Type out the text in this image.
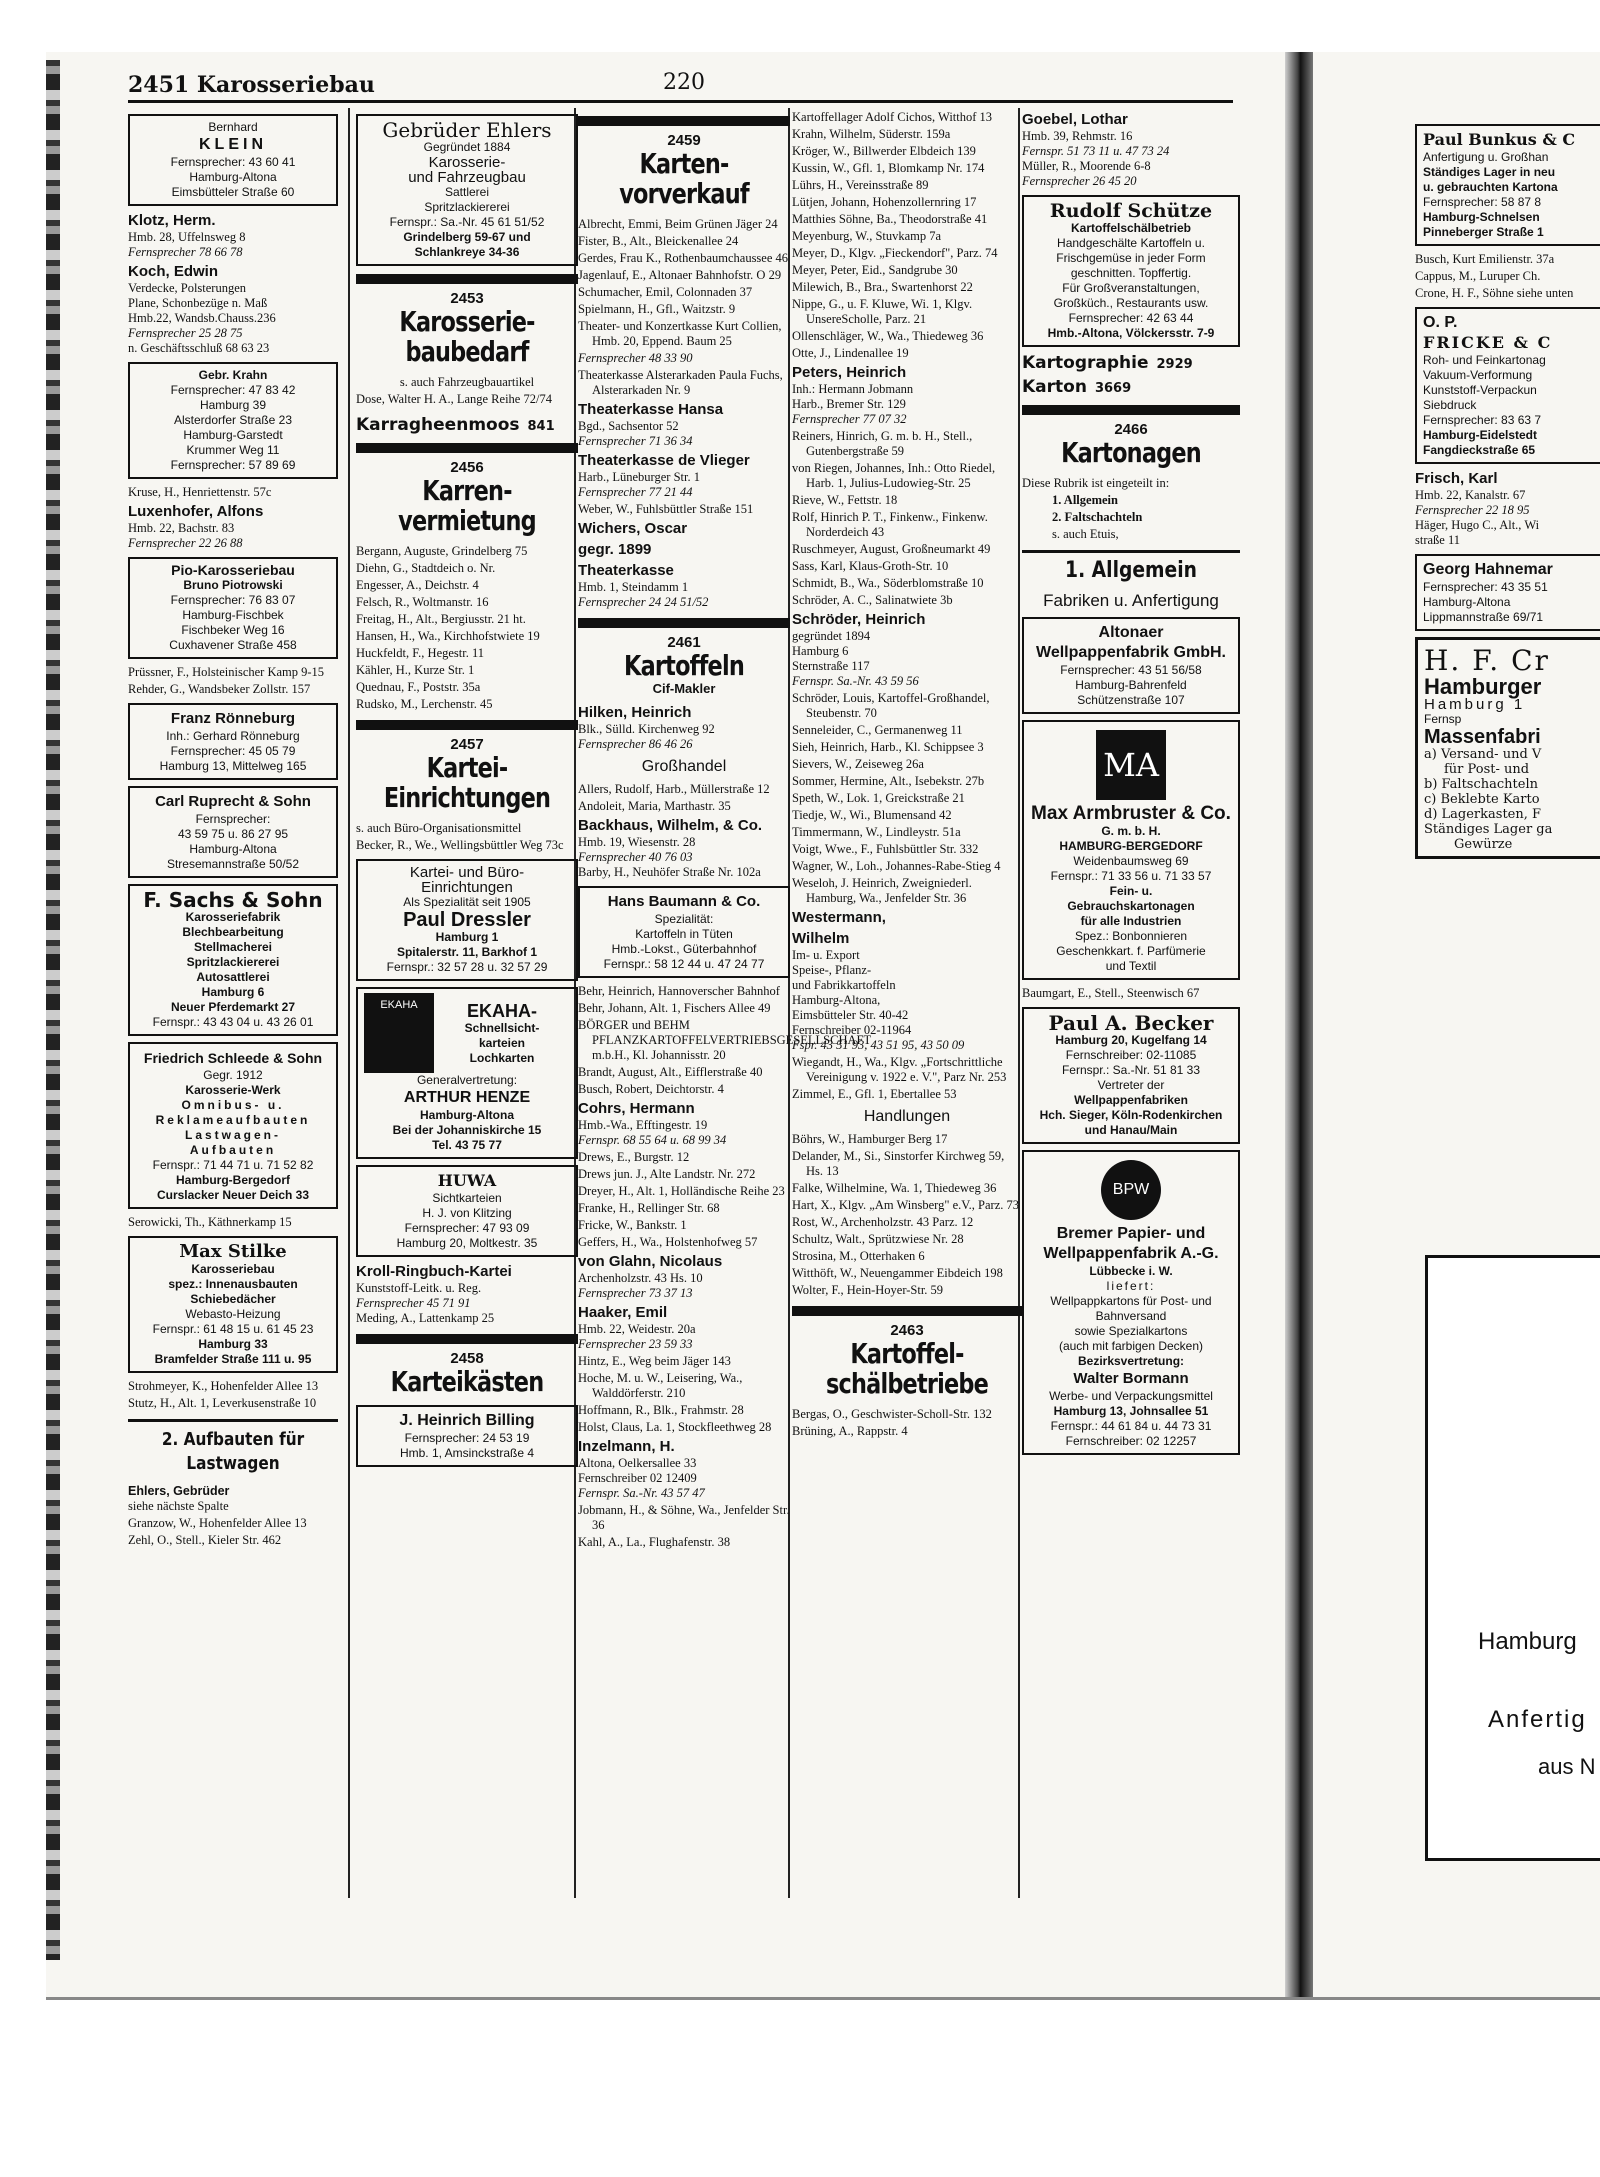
2451 Karosseriebau	220
Bernhard
KLEIN
Fernsprecher: 43 60 41
Hamburg-Altona
Eimsbütteler Straße 60
Klotz, Herm.
Hmb. 28, Uffelnsweg 8
Fernsprecher 78 66 78
Koch, Edwin
Verdecke, Polsterungen
Plane, Schonbezüge n. Maß
Hmb.22, Wandsb.Chauss.236
Fernsprecher 25 28 75
n. Geschäftsschluß 68 63 23
Gebr. Krahn
Fernsprecher: 47 83 42
Hamburg 39
Alsterdorfer Straße 23
Hamburg-Garstedt
Krummer Weg 11
Fernsprecher: 57 89 69
Kruse, H., Henriettenstr. 57c
Luxenhofer, Alfons
Hmb. 22, Bachstr. 83
Fernsprecher 22 26 88
Pio-Karosseriebau
Bruno Piotrowski
Fernsprecher: 76 83 07
Hamburg-Fischbek
Fischbeker Weg 16
Cuxhavener Straße 458
Prüssner, F., Holsteinischer Kamp 9-15
Rehder, G., Wandsbeker Zollstr. 157
Franz Rönneburg
Inh.: Gerhard Rönneburg
Fernsprecher: 45 05 79
Hamburg 13, Mittelweg 165
Carl Ruprecht & Sohn
Fernsprecher:
43 59 75 u. 86 27 95
Hamburg-Altona
Stresemannstraße 50/52
F. Sachs & Sohn
Karosseriefabrik
Blechbearbeitung
Stellmacherei
Spritzlackiererei
Autosattlerei
Hamburg 6
Neuer Pferdemarkt 27
Fernspr.: 43 43 04 u. 43 26 01
Friedrich Schleede & Sohn
Gegr. 1912
Karosserie-Werk
Omnibus- u.
Reklameaufbauten
Lastwagen-
Aufbauten
Fernspr.: 71 44 71 u. 71 52 82
Hamburg-Bergedorf
Curslacker Neuer Deich 33
Serowicki, Th., Käthnerkamp 15
Max Stilke
Karosseriebau
spez.: Innenausbauten
Schiebedächer
Webasto-Heizung
Fernspr.: 61 48 15 u. 61 45 23
Hamburg 33
Bramfelder Straße 111 u. 95
Strohmeyer, K., Hohenfelder Allee 13
Stutz, H., Alt. 1, Leverkusenstraße 10
2. Aufbauten für Lastwagen
Ehlers, Gebrüder
siehe nächste Spalte
Granzow, W., Hohenfelder Allee 13
Zehl, O., Stell., Kieler Str. 462
Gebrüder Ehlers
Gegründet 1884
Karosserie-
und Fahrzeugbau
Sattlerei
Spritzlackiererei
Fernspr.: Sa.-Nr. 45 61 51/52
Grindelberg 59-67 und
Schlankreye 34-36
2453
Karosserie-baubedarf
s. auch Fahrzeugbauartikel
Dose, Walter H. A., Lange Reihe 72/74
Karragheenmoos 841
2456
Karren-vermietung
Bergann, Auguste, Grindelberg 75
Diehn, G., Stadtdeich o. Nr.
Engesser, A., Deichstr. 4
Felsch, R., Woltmanstr. 16
Freitag, H., Alt., Bergiusstr. 21 ht.
Hansen, H., Wa., Kirchhofstwiete 19
Huckfeldt, F., Hegestr. 11
Kähler, H., Kurze Str. 1
Quednau, F., Poststr. 35a
Rudsko, M., Lerchenstr. 45
2457
Kartei-Einrichtungen
s. auch Büro-Organisationsmittel
Becker, R., We., Wellingsbüttler Weg 73c
Kartei- und Büro-
Einrichtungen
Als Spezialität seit 1905
Paul Dressler
Hamburg 1
Spitalerstr. 11, Barkhof 1
Fernspr.: 32 57 28 u. 32 57 29
EKAHA	EKAHA-
Schnellsicht-
karteien
Lochkarten
Generalvertretung:
ARTHUR HENZE
Hamburg-Altona
Bei der Johanniskirche 15
Tel. 43 75 77
HUWA
Sichtkarteien
H. J. von Klitzing
Fernsprecher: 47 93 09
Hamburg 20, Moltkestr. 35
Kroll-Ringbuch-Kartei
Kunststoff-Leitk. u. Reg.
Fernsprecher 45 71 91
Meding, A., Lattenkamp 25
2458
Karteikästen
J. Heinrich Billing
Fernsprecher: 24 53 19
Hmb. 1, Amsinckstraße 4
2459
Karten-vorverkauf
Albrecht, Emmi, Beim Grünen Jäger 24
Fister, B., Alt., Bleickenallee 24
Gerdes, Frau K., Rothenbaumchaussee 46
Jagenlauf, E., Altonaer Bahnhofstr. O 29
Schumacher, Emil, Colonnaden 37
Spielmann, H., Gfl., Waitzstr. 9
Theater- und Konzertkasse Kurt Collien, Hmb. 20, Eppend. Baum 25
Fernsprecher 48 33 90
Theaterkasse Alsterarkaden Paula Fuchs, Alsterarkaden Nr. 9
Theaterkasse Hansa
Bgd., Sachsentor 52
Fernsprecher 71 36 34
Theaterkasse de Vlieger
Harb., Lüneburger Str. 1
Fernsprecher 77 21 44
Weber, W., Fuhlsbüttler Straße 151
Wichers, Oscar
gegr. 1899
Theaterkasse
Hmb. 1, Steindamm 1
Fernsprecher 24 24 51/52
2461
Kartoffeln
Cif-Makler
Hilken, Heinrich
Blk., Sülld. Kirchenweg 92
Fernsprecher 86 46 26
Großhandel
Allers, Rudolf, Harb., Müllerstraße 12
Andoleit, Maria, Marthastr. 35
Backhaus, Wilhelm, & Co.
Hmb. 19, Wiesenstr. 28
Fernsprecher 40 76 03
Barby, H., Neuhöfer Straße Nr. 102a
Hans Baumann & Co.
Spezialität:
Kartoffeln in Tüten
Hmb.-Lokst., Güterbahnhof
Fernspr.: 58 12 44 u. 47 24 77
Behr, Heinrich, Hannoverscher Bahnhof
Behr, Johann, Alt. 1, Fischers Allee 49
BÖRGER und BEHM PFLANZKARTOFFELVERTRIEBSGESELLSCHAFT m.b.H., Kl. Johannisstr. 20
Brandt, August, Alt., Eifflerstraße 40
Busch, Robert, Deichtorstr. 4
Cohrs, Hermann
Hmb.-Wa., Efftingestr. 19
Fernspr. 68 55 64 u. 68 99 34
Drews, E., Burgstr. 12
Drews jun. J., Alte Landstr. Nr. 272
Dreyer, H., Alt. 1, Holländische Reihe 23
Franke, H., Rellinger Str. 68
Fricke, W., Bankstr. 1
Geffers, H., Wa., Holstenhofweg 57
von Glahn, Nicolaus
Archenholzstr. 43 Hs. 10
Fernsprecher 73 37 13
Haaker, Emil
Hmb. 22, Weidestr. 20a
Fernsprecher 23 59 33
Hintz, E., Weg beim Jäger 143
Hoche, M. u. W., Leisering, Wa., Walddörferstr. 210
Hoffmann, R., Blk., Frahmstr. 28
Holst, Claus, La. 1, Stockfleethweg 28
Inzelmann, H.
Altona, Oelkersallee 33
Fernschreiber 02 12409
Fernspr. Sa.-Nr. 43 57 47
Jobmann, H., & Söhne, Wa., Jenfelder Str. 36
Kahl, A., La., Flughafenstr. 38
Kartoffellager Adolf Cichos, Witthof 13
Krahn, Wilhelm, Süderstr. 159a
Kröger, W., Billwerder Elbdeich 139
Kussin, W., Gfl. 1, Blomkamp Nr. 174
Lührs, H., Vereinsstraße 89
Lütjen, Johann, Hohenzollernring 17
Matthies Söhne, Ba., Theodorstraße 41
Meyenburg, W., Stuvkamp 7a
Meyer, D., Klgv. „Fieckendorf", Parz. 74
Meyer, Peter, Eid., Sandgrube 30
Milewich, B., Bra., Swartenhorst 22
Nippe, G., u. F. Kluwe, Wi. 1, Klgv. UnsereScholle, Parz. 21
Ollenschläger, W., Wa., Thiedeweg 36
Otte, J., Lindenallee 19
Peters, Heinrich
Inh.: Hermann Jobmann
Harb., Bremer Str. 129
Fernsprecher 77 07 32
Reiners, Hinrich, G. m. b. H., Stell., Gutenbergstraße 59
von Riegen, Johannes, Inh.: Otto Riedel, Harb. 1, Julius-Ludowieg-Str. 25
Rieve, W., Fettstr. 18
Rolf, Hinrich P. T., Finkenw., Finkenw. Norderdeich 43
Ruschmeyer, August, Großneumarkt 49
Sass, Karl, Klaus-Groth-Str. 10
Schmidt, B., Wa., Söderblomstraße 10
Schröder, A. C., Salinatwiete 3b
Schröder, Heinrich
gegründet 1894
Hamburg 6
Sternstraße 117
Fernspr. Sa.-Nr. 43 59 56
Schröder, Louis, Kartoffel-Großhandel, Steubenstr. 70
Senneleider, C., Germanenweg 11
Sieh, Heinrich, Harb., Kl. Schippsee 3
Sievers, W., Zeiseweg 26a
Sommer, Hermine, Alt., Isebekstr. 27b
Speth, W., Lok. 1, Greickstraße 21
Tiedje, W., Wi., Blumensand 42
Timmermann, W., Lindleystr. 51a
Voigt, Wwe., F., Fuhlsbüttler Str. 332
Wagner, W., Loh., Johannes-Rabe-Stieg 4
Weseloh, J. Heinrich, Zweigniederl. Hamburg, Wa., Jenfelder Str. 36
Westermann,
Wilhelm
Im- u. Export
Speise-, Pflanz-
und Fabrikkartoffeln
Hamburg-Altona,
Eimsbütteler Str. 40-42
Fernschreiber 02-11964
Fspr. 43 51 93, 43 51 95, 43 50 09
Wiegandt, H., Wa., Klgv. „Fortschrittliche Vereinigung v. 1922 e. V.", Parz Nr. 253
Zimmel, E., Gfl. 1, Ebertallee 53
Handlungen
Böhrs, W., Hamburger Berg 17
Delander, M., Si., Sinstorfer Kirchweg 59, Hs. 13
Falke, Wilhelmine, Wa. 1, Thiedeweg 36
Hart, X., Klgv. „Am Winsberg" e.V., Parz. 73
Rost, W., Archenholzstr. 43 Parz. 12
Schultz, Walt., Sprützwiese Nr. 28
Strosina, M., Otterhaken 6
Witthöft, W., Neuengammer Eibdeich 198
Wolter, F., Hein-Hoyer-Str. 59
2463
Kartoffel-schälbetriebe
Bergas, O., Geschwister-Scholl-Str. 132
Brüning, A., Rappstr. 4
Goebel, Lothar
Hmb. 39, Rehmstr. 16
Fernspr. 51 73 11 u. 47 73 24
Müller, R., Moorende 6-8
Fernsprecher 26 45 20
Rudolf Schütze
Kartoffelschälbetrieb
Handgeschälte Kartoffeln u.
Frischgemüse in jeder Form
geschnitten. Topffertig.
Für Großveranstaltungen,
Großküch., Restaurants usw.
Fernsprecher: 42 63 44
Hmb.-Altona, Völckersstr. 7-9
Kartographie 2929
Karton 3669
2466
Kartonagen
Diese Rubrik ist eingeteilt in:
1. Allgemein
2. Faltschachteln
s. auch Etuis,
1. Allgemein
Fabriken u. Anfertigung
Altonaer
Wellpappenfabrik GmbH.
Fernsprecher: 43 51 56/58
Hamburg-Bahrenfeld
Schützenstraße 107
MA
Max Armbruster & Co.
G. m. b. H.
HAMBURG-BERGEDORF
Weidenbaumsweg 69
Fernspr.: 71 33 56 u. 71 33 57
Fein- u.
Gebrauchskartonagen
für alle Industrien
Spez.: Bonbonnieren
Geschenkkart. f. Parfümerie
und Textil
Baumgart, E., Stell., Steenwisch 67
Paul A. Becker
Hamburg 20, Kugelfang 14
Fernschreiber: 02-11085
Fernspr.: Sa.-Nr. 51 81 33
Vertreter der
Wellpappenfabriken
Hch. Sieger, Köln-Rodenkirchen und Hanau/Main
BPW
Bremer Papier- und
Wellpappenfabrik A.-G.
Lübbecke i. W.
liefert:
Wellpappkartons für Post- und Bahnversand
sowie Spezialkartons
(auch mit farbigen Decken)
Bezirksvertretung:
Walter Bormann
Werbe- und Verpackungsmittel
Hamburg 13, Johnsallee 51
Fernspr.: 44 61 84 u. 44 73 31
Fernschreiber: 02 12257
Paul Bunkus & C
Anfertigung u. Großhan
Ständiges Lager in neu
u. gebrauchten Kartona
Fernsprecher: 58 87 8
Hamburg-Schnelsen
Pinneberger Straße 1
Busch, Kurt Emilienstr. 37a
Cappus, M., Luruper Ch.
Crone, H. F., Söhne siehe unten
O. P.
FRICKE & C
Roh- und Feinkartonag
Vakuum-Verformung
Kunststoff-Verpackun
Siebdruck
Fernsprecher: 83 63 7
Hamburg-Eidelstedt
Fangdieckstraße 65
Frisch, Karl
Hmb. 22, Kanalstr. 67
Fernsprecher 22 18 95
Häger, Hugo C., Alt., Wi
straße 11
Georg Hahnemar
Fernsprecher: 43 35 51
Hamburg-Altona
Lippmannstraße 69/71
H. F. Cr
Hamburger
Hamburg 1
Fernsp
Massenfabri
a) Versand- und V
für Post- und
b) Faltschachteln
c) Beklebte Karto
d) Lagerkasten, F
Ständiges Lager ga
Gewürze
Hamburg
Anfertig
aus N
